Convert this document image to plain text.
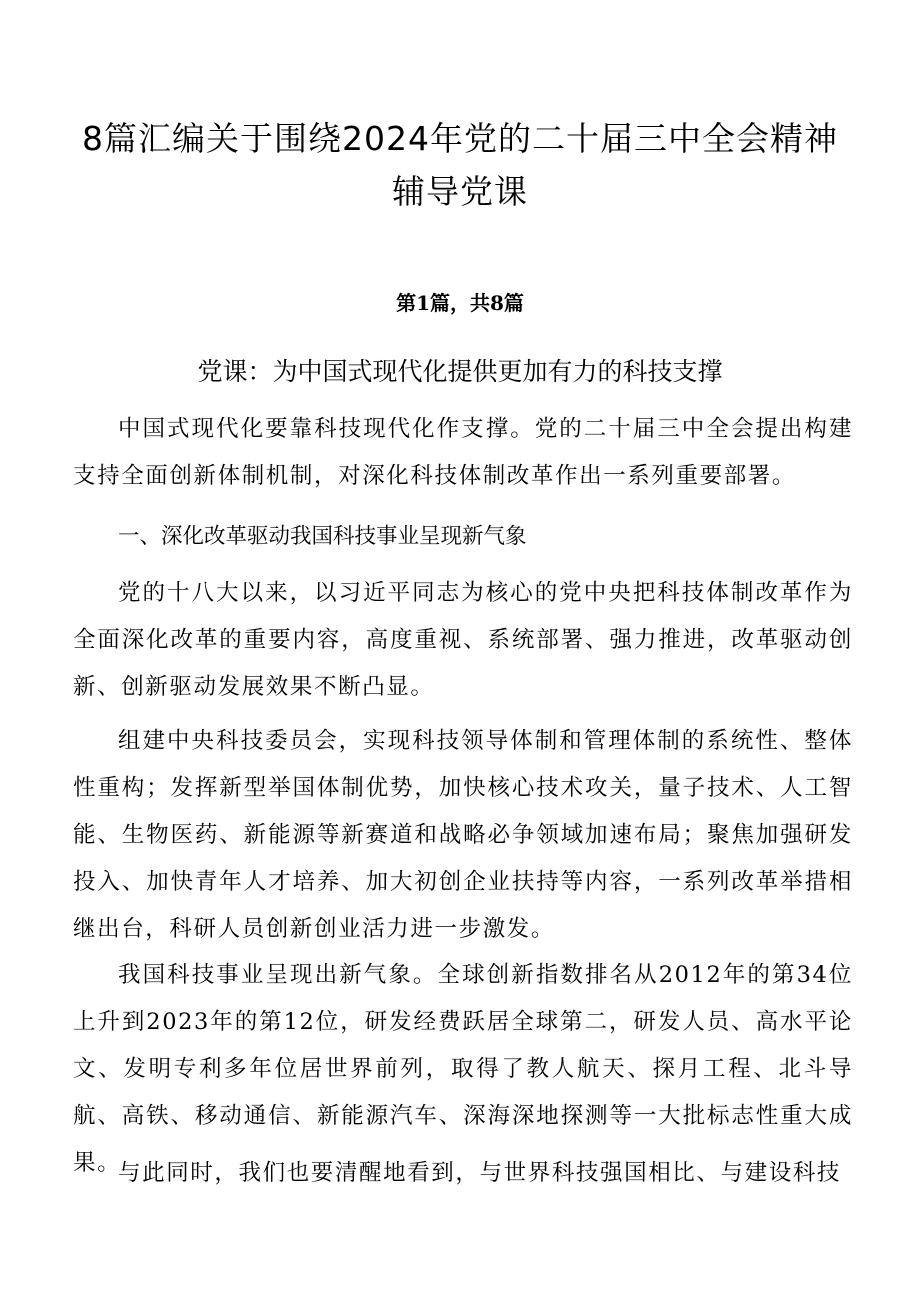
8篇汇编关于围绕2024年党的二十届三中全会精神
辅导党课
第1篇，共8篇
党课：为中国式现代化提供更加有力的科技支撑

中国式现代化要靠科技现代化作支撑。党的二十届三中全会提出构建支持全面创新体制机制，对深化科技体制改革作出一系列重要部署。

一、深化改革驱动我国科技事业呈现新气象

党的十八大以来，以习近平同志为核心的党中央把科技体制改革作为全面深化改革的重要内容，高度重视、系统部署、强力推进，改革驱动创新、创新驱动发展效果不断凸显。

组建中央科技委员会，实现科技领导体制和管理体制的系统性、整体性重构；发挥新型举国体制优势，加快核心技术攻关，量子技术、人工智能、生物医药、新能源等新赛道和战略必争领域加速布局；聚焦加强研发投入、加快青年人才培养、加大初创企业扶持等内容，一系列改革举措相继出台，科研人员创新创业活力进一步激发。

我国科技事业呈现出新气象。全球创新指数排名从2012年的第34位上升到2023年的第12位，研发经费跃居全球第二，研发人员、高水平论文、发明专利多年位居世界前列，取得了教人航天、探月工程、北斗导航、高铁、移动通信、新能源汽车、深海深地探测等一大批标志性重大成果。

与此同时，我们也要清醒地看到，与世界科技强国相比、与建设科技
